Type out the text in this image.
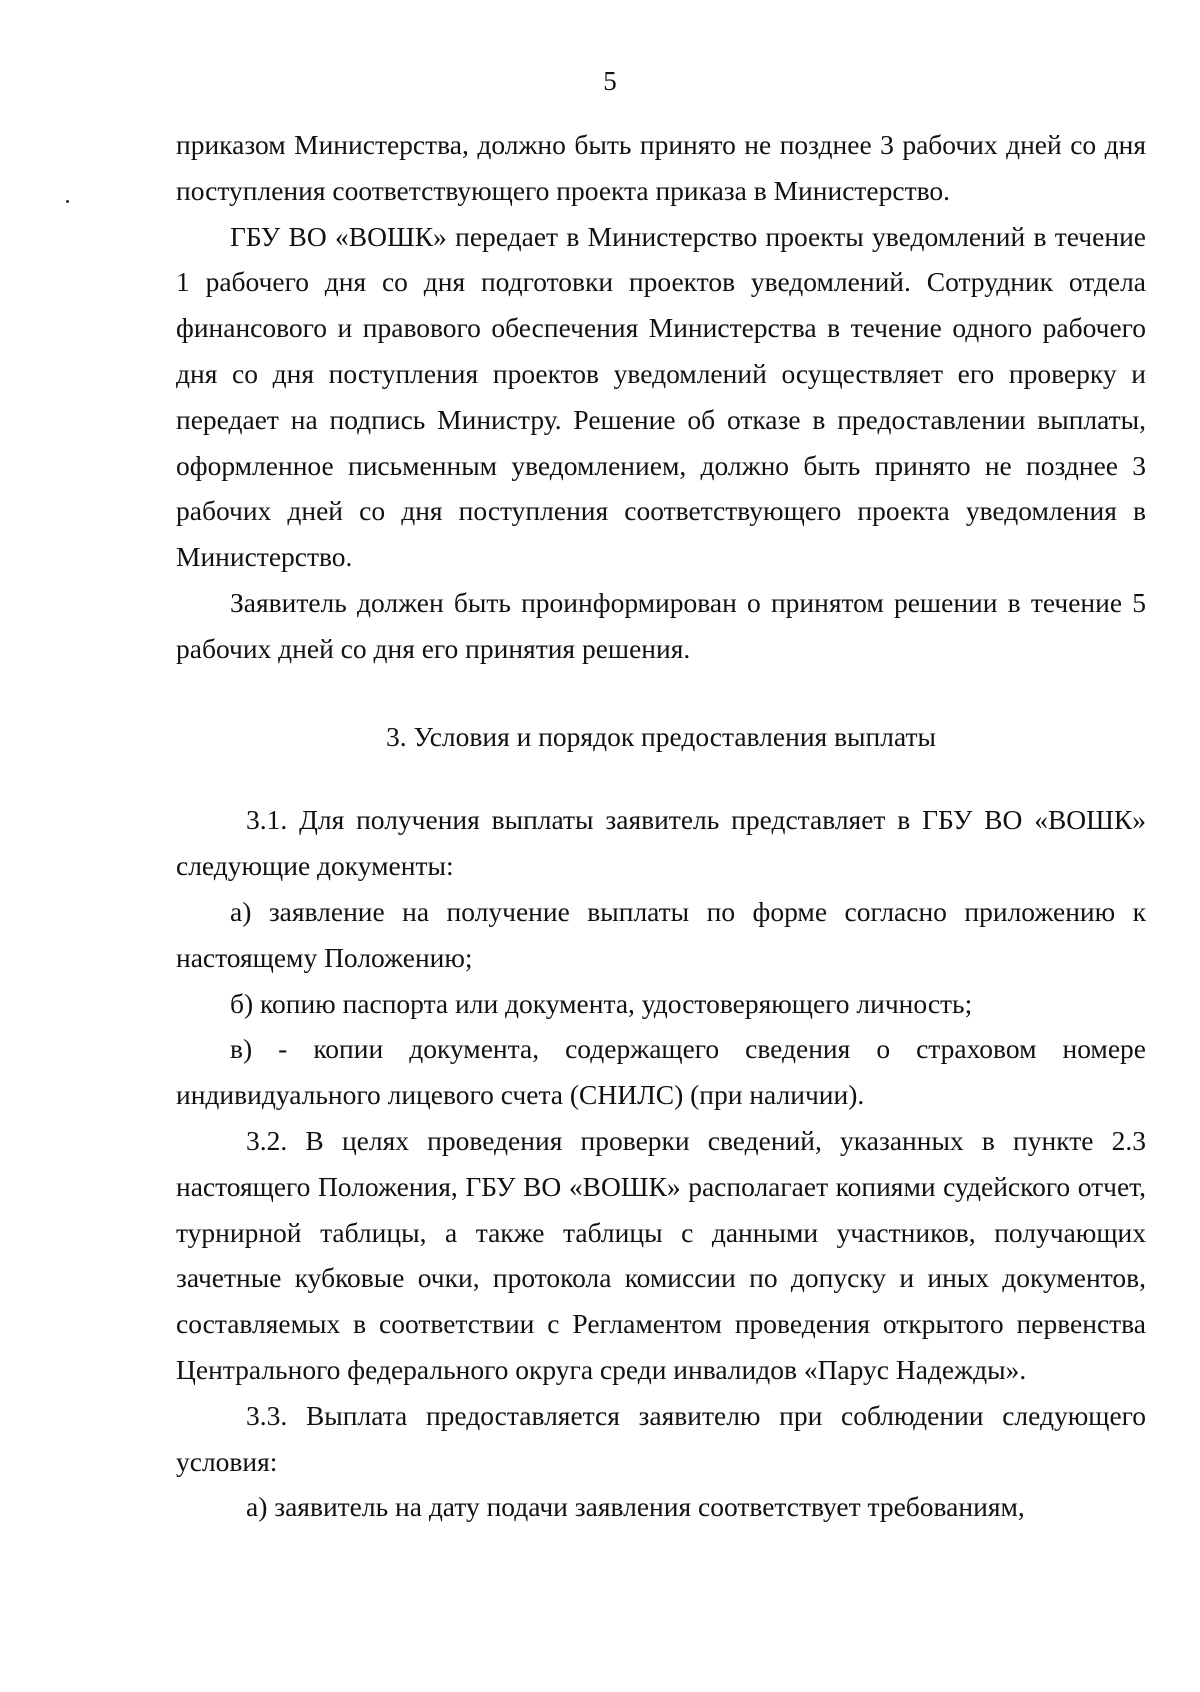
5

приказом Министерства, должно быть принято не позднее 3 рабочих дней со дня поступления соответствующего проекта приказа в Министерство.

ГБУ ВО «ВОШК» передает в Министерство проекты уведомлений в течение 1 рабочего дня со дня подготовки проектов уведомлений. Сотрудник отдела финансового и правового обеспечения Министерства в течение одного рабочего дня со дня поступления проектов уведомлений осуществляет его проверку и передает на подпись Министру. Решение об отказе в предоставлении выплаты, оформленное письменным уведомлением, должно быть принято не позднее 3 рабочих дней со дня поступления соответствующего проекта уведомления в Министерство.

Заявитель должен быть проинформирован о принятом решении в течение 5 рабочих дней со дня его принятия решения.

3. Условия и порядок предоставления выплаты

3.1. Для получения выплаты заявитель представляет в ГБУ ВО «ВОШК» следующие документы:

а) заявление на получение выплаты по форме согласно приложению к настоящему Положению;

б) копию паспорта или документа, удостоверяющего личность;

в) - копии документа, содержащего сведения о страховом номере индивидуального лицевого счета (СНИЛС) (при наличии).

3.2. В целях проведения проверки сведений, указанных в пункте 2.3 настоящего Положения, ГБУ ВО «ВОШК» располагает копиями судейского отчет, турнирной таблицы, а также таблицы с данными участников, получающих зачетные кубковые очки, протокола комиссии по допуску и иных документов, составляемых в соответствии с Регламентом проведения открытого первенства Центрального федерального округа среди инвалидов «Парус Надежды».

3.3. Выплата предоставляется заявителю при соблюдении следующего условия:

а) заявитель на дату подачи заявления соответствует требованиям,
